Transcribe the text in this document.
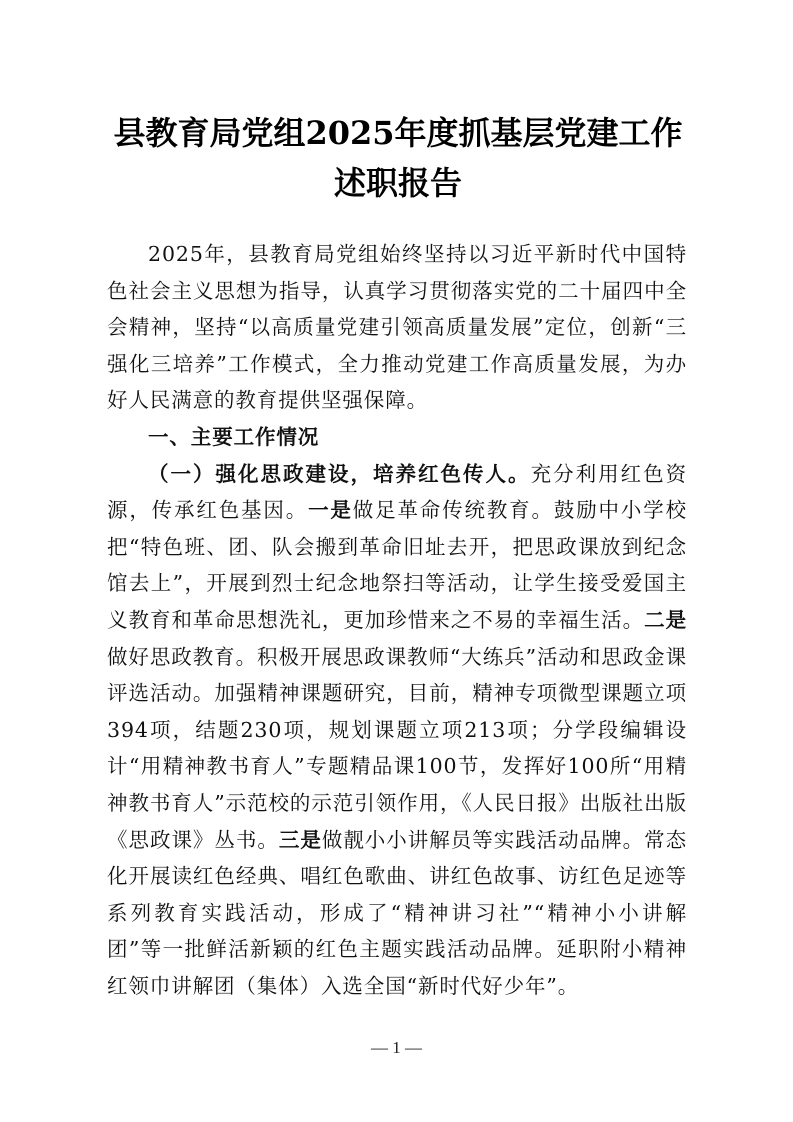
县教育局党组2025年度抓基层党建工作
述职报告

2025年，县教育局党组始终坚持以习近平新时代中国特色社会主义思想为指导，认真学习贯彻落实党的二十届四中全会精神，坚持“以高质量党建引领高质量发展”定位，创新“三强化三培养”工作模式，全力推动党建工作高质量发展，为办好人民满意的教育提供坚强保障。

一、主要工作情况

（一）强化思政建设，培养红色传人。充分利用红色资源，传承红色基因。一是做足革命传统教育。鼓励中小学校把“特色班、团、队会搬到革命旧址去开，把思政课放到纪念馆去上”，开展到烈士纪念地祭扫等活动，让学生接受爱国主义教育和革命思想洗礼，更加珍惜来之不易的幸福生活。二是做好思政教育。积极开展思政课教师“大练兵”活动和思政金课评选活动。加强精神课题研究，目前，精神专项微型课题立项394项，结题230项，规划课题立项213项；分学段编辑设计“用精神教书育人”专题精品课100节，发挥好100所“用精神教书育人”示范校的示范引领作用，《人民日报》出版社出版《思政课》丛书。三是做靓小小讲解员等实践活动品牌。常态化开展读红色经典、唱红色歌曲、讲红色故事、访红色足迹等系列教育实践活动，形成了“精神讲习社”“精神小小讲解团”等一批鲜活新颖的红色主题实践活动品牌。延职附小精神红领巾讲解团（集体）入选全国“新时代好少年”。

— 1 —
